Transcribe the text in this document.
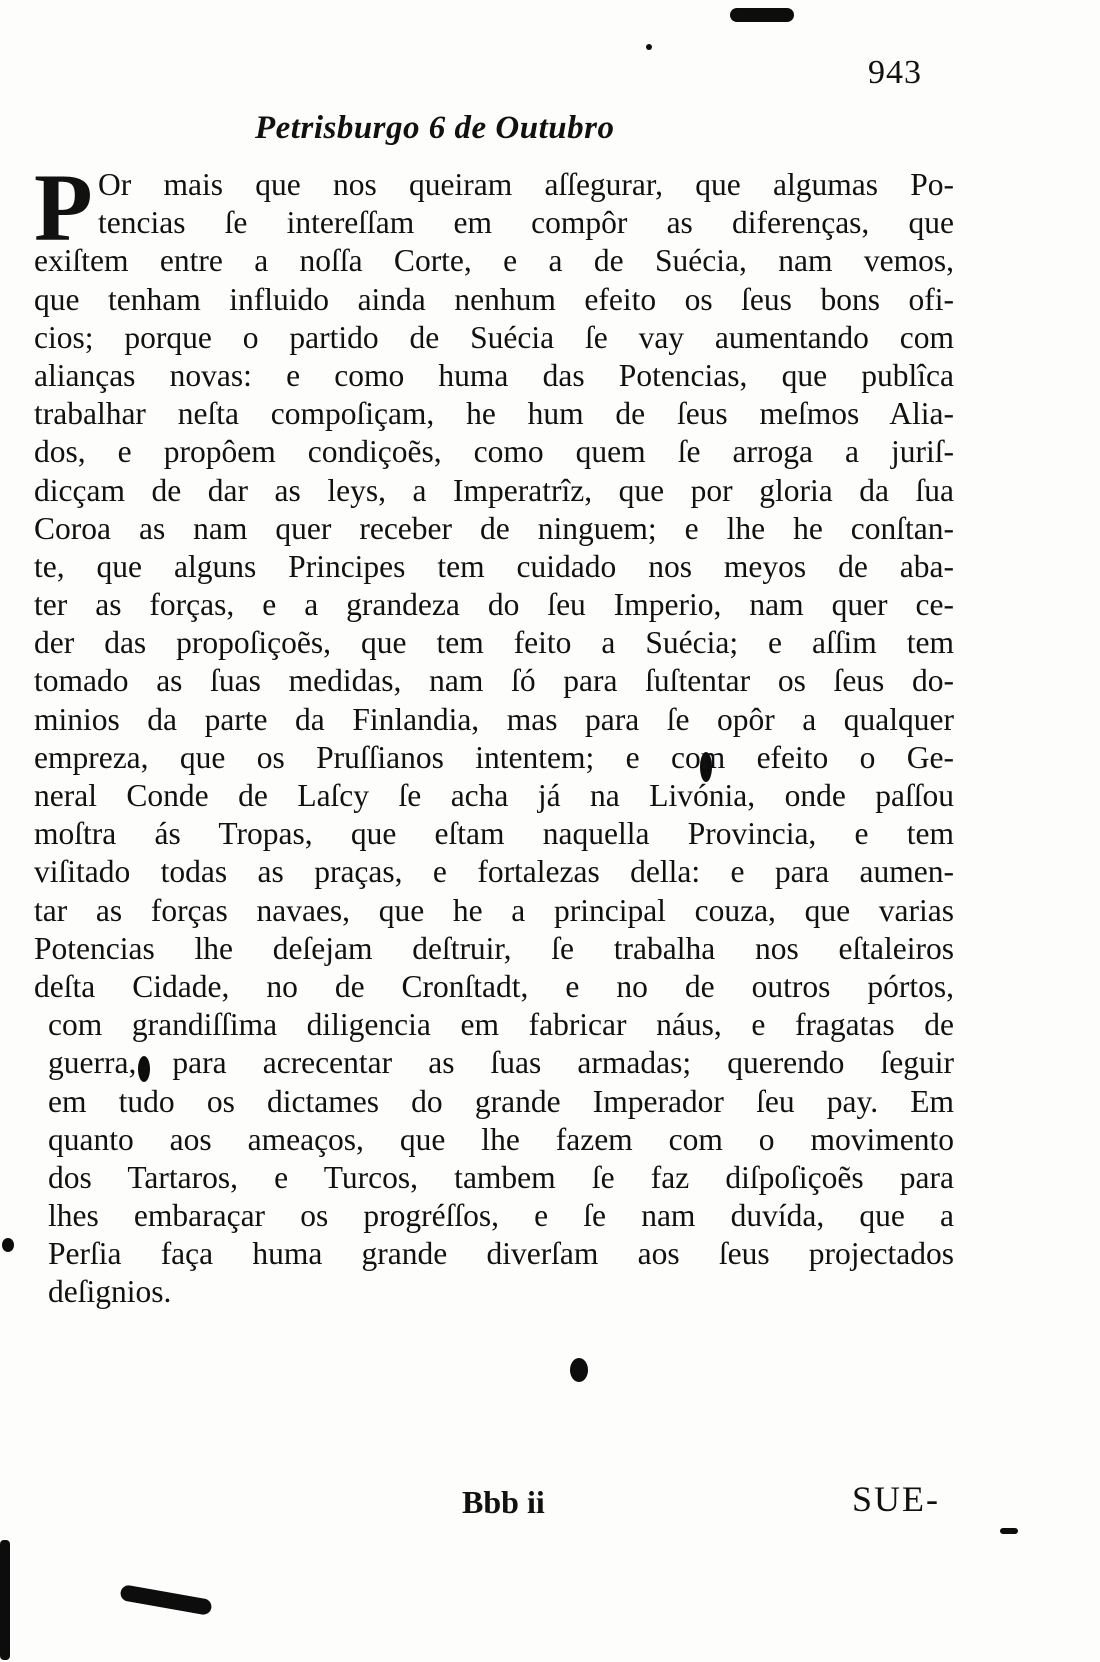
943
Petrisburgo 6 de Outubro
P Or mais que nos queiram aſſegurar, que algumas Po-
tencias ſe intereſſam em compôr as diferenças, que
exiſtem entre a noſſa Corte, e a de Suécia, nam vemos,
que tenham influido ainda nenhum efeito os ſeus bons ofi-
cios; porque o partido de Suécia ſe vay aumentando com
alianças novas: e como huma das Potencias, que publîca
trabalhar neſta compoſiçam, he hum de ſeus meſmos Alia-
dos, e propôem condiçoẽs, como quem ſe arroga a juriſ-
dicçam de dar as leys, a Imperatrîz, que por gloria da ſua
Coroa as nam quer receber de ninguem; e lhe he conſtan-
te, que alguns Principes tem cuidado nos meyos de aba-
ter as forças, e a grandeza do ſeu Imperio, nam quer ce-
der das propoſiçoẽs, que tem feito a Suécia; e aſſim tem
tomado as ſuas medidas, nam ſó para ſuſtentar os ſeus do-
minios da parte da Finlandia, mas para ſe opôr a qualquer
empreza, que os Pruſſianos intentem; e com efeito o Ge-
neral Conde de Laſcy ſe acha já na Livónia, onde paſſou
moſtra ás Tropas, que eſtam naquella Provincia, e tem
viſitado todas as praças, e fortalezas della: e para aumen-
tar as forças navaes, que he a principal couza, que varias
Potencias lhe deſejam deſtruir, ſe trabalha nos eſtaleiros
deſta Cidade, no de Cronſtadt, e no de outros pórtos,
com grandiſſima diligencia em fabricar náus, e fragatas de
guerra, para acrecentar as ſuas armadas; querendo ſeguir
em tudo os dictames do grande Imperador ſeu pay. Em
quanto aos ameaços, que lhe fazem com o movimento
dos Tartaros, e Turcos, tambem ſe faz diſpoſiçoẽs para
lhes embaraçar os progréſſos, e ſe nam duvída, que a
Perſia faça huma grande diverſam aos ſeus projectados
deſignios.
Bbb ii	SUE-
